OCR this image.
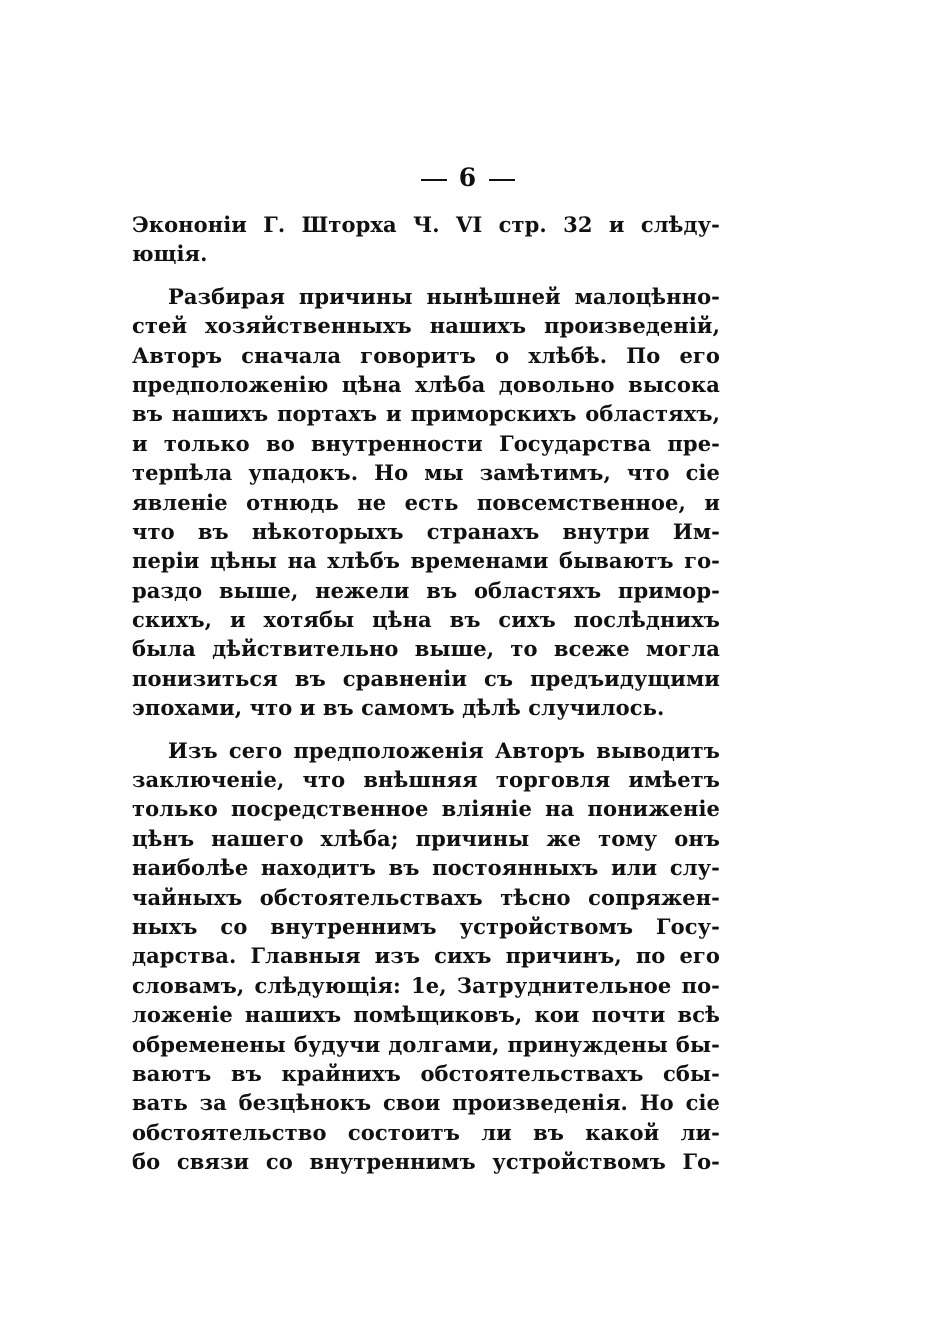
6
Экононіи Г. Шторха Ч. VI стр. 32 и слѣду-
ющія.
Разбирая причины нынѣшней малоцѣнно-
стей хозяйственныхъ нашихъ произведеній,
Авторъ сначала говоритъ о хлѣбѣ. По его
предположенію цѣна хлѣба довольно высока
въ нашихъ портахъ и приморскихъ областяхъ,
и только во внутренности Государства пре-
терпѣла упадокъ. Но мы замѣтимъ, что сіе
явленіе отнюдь не есть повсемственное, и
что въ нѣкоторыхъ странахъ внутри Им-
періи цѣны на хлѣбъ временами бываютъ го-
раздо выше, нежели въ областяхъ примор-
скихъ, и хотябы цѣна въ сихъ послѣднихъ
была дѣйствительно выше, то всеже могла
понизиться въ сравненіи съ предъидущими
эпохами, что и въ самомъ дѣлѣ случилось.
Изъ сего предположенія Авторъ выводитъ
заключеніе, что внѣшняя торговля имѣетъ
только посредственное вліяніе на пониженіе
цѣнъ нашего хлѣба; причины же тому онъ
наиболѣе находитъ въ постоянныхъ или слу-
чайныхъ обстоятельствахъ тѣсно сопряжен-
ныхъ со внутреннимъ устройствомъ Госу-
дарства. Главныя изъ сихъ причинъ, по его
словамъ, слѣдующія: 1е, Затруднительное по-
ложеніе нашихъ помѣщиковъ, кои почти всѣ
обременены будучи долгами, принуждены бы-
ваютъ въ крайнихъ обстоятельствахъ сбы-
вать за безцѣнокъ свои произведенія. Но сіе
обстоятельство состоитъ ли въ какой ли-
бо связи со внутреннимъ устройствомъ Го-
